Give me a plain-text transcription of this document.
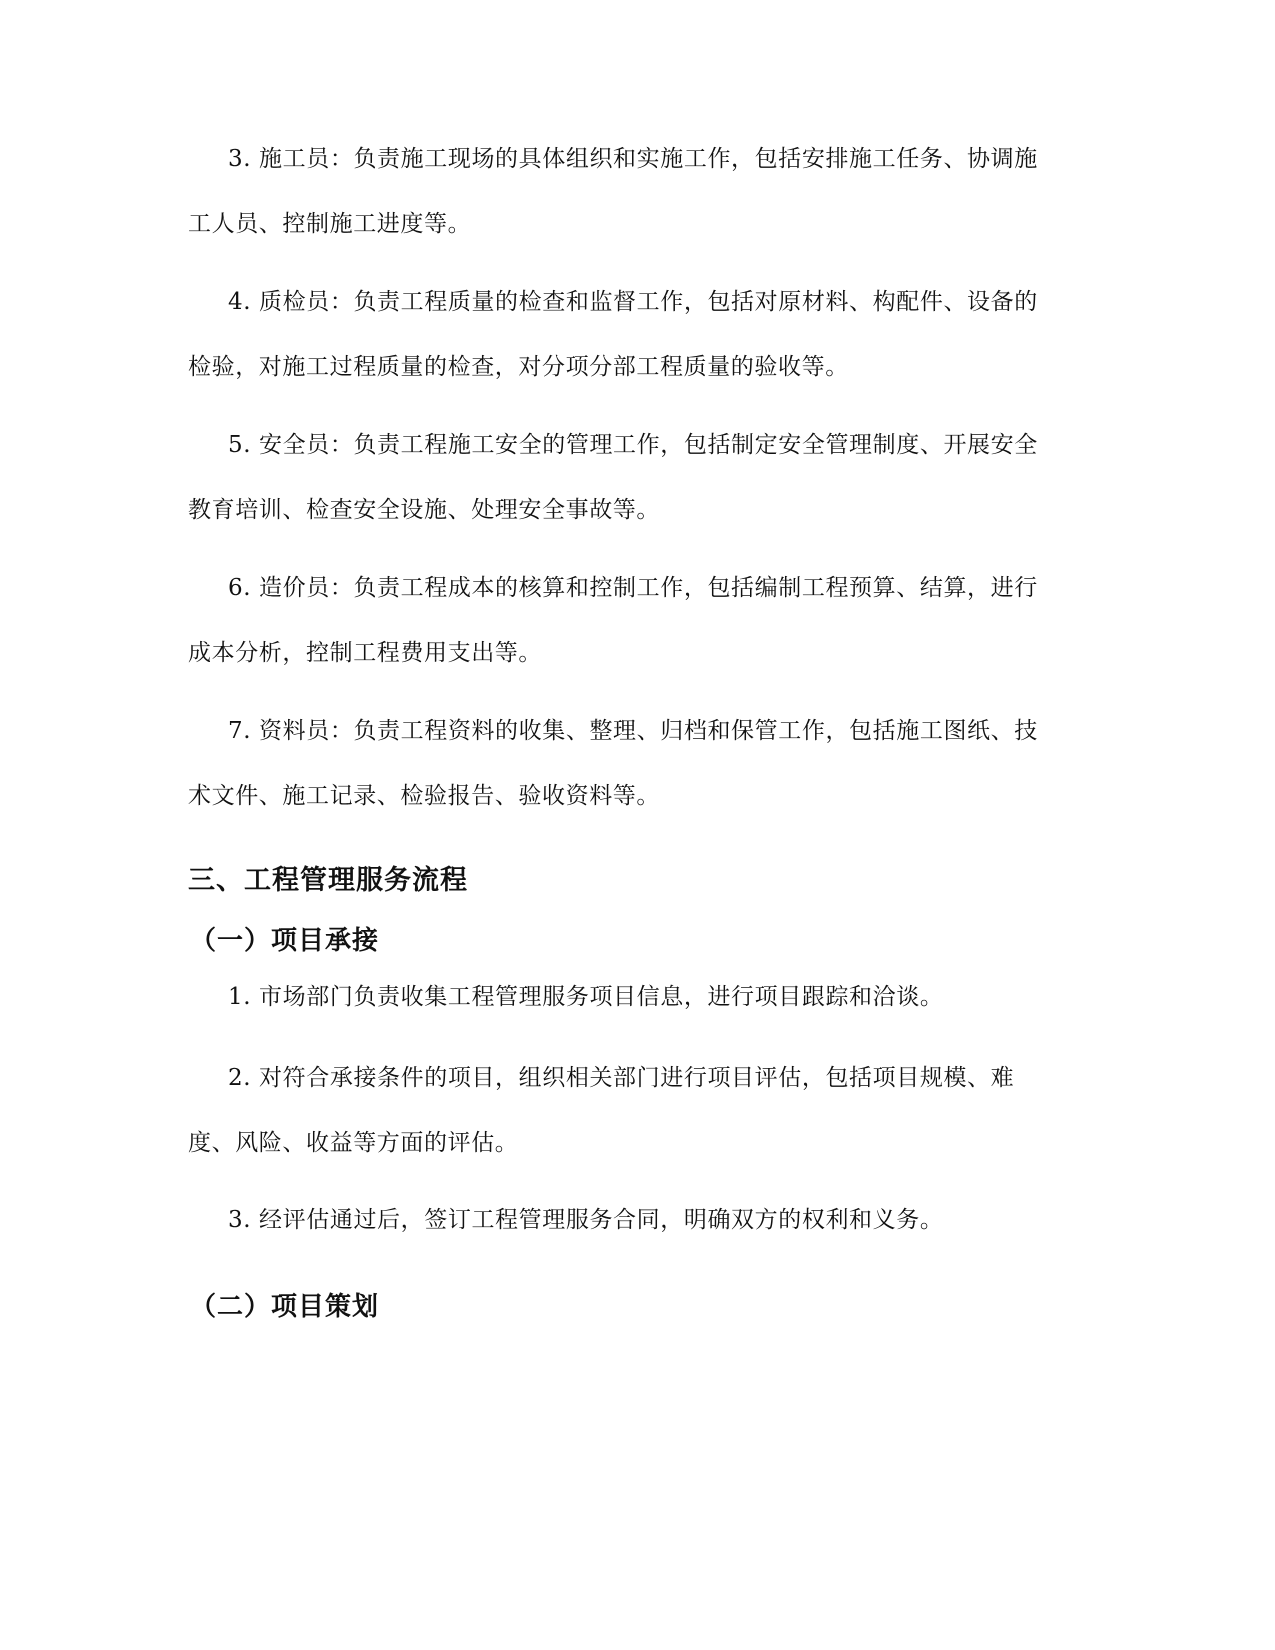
3. 施工员：负责施工现场的具体组织和实施工作，包括安排施工任务、协调施工人员、控制施工进度等。

4. 质检员：负责工程质量的检查和监督工作，包括对原材料、构配件、设备的检验，对施工过程质量的检查，对分项分部工程质量的验收等。

5. 安全员：负责工程施工安全的管理工作，包括制定安全管理制度、开展安全教育培训、检查安全设施、处理安全事故等。

6. 造价员：负责工程成本的核算和控制工作，包括编制工程预算、结算，进行成本分析，控制工程费用支出等。

7. 资料员：负责工程资料的收集、整理、归档和保管工作，包括施工图纸、技术文件、施工记录、检验报告、验收资料等。

三、工程管理服务流程
（一）项目承接

1. 市场部门负责收集工程管理服务项目信息，进行项目跟踪和洽谈。

2. 对符合承接条件的项目，组织相关部门进行项目评估，包括项目规模、难度、风险、收益等方面的评估。

3. 经评估通过后，签订工程管理服务合同，明确双方的权利和义务。

（二）项目策划
